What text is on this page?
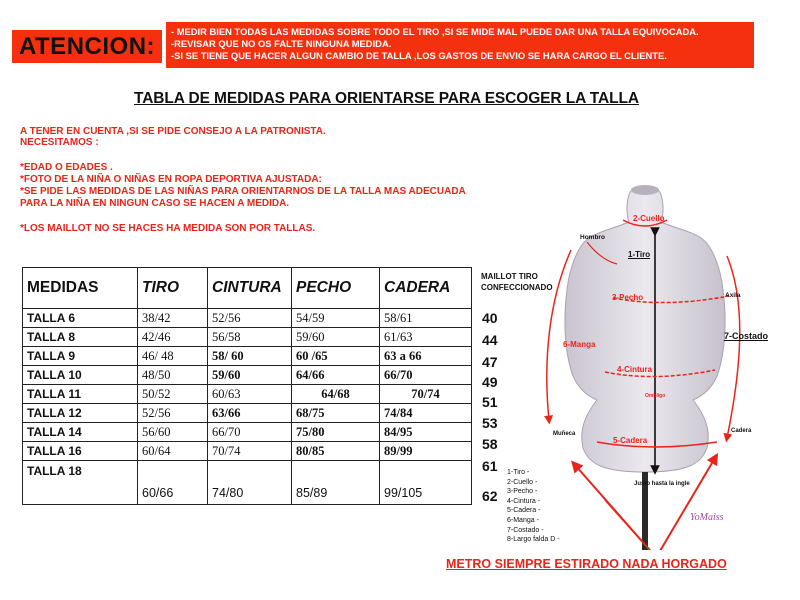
ATENCION:
- MEDIR BIEN TODAS LAS MEDIDAS SOBRE TODO EL TIRO ,SI SE MIDE MAL PUEDE DAR UNA TALLA EQUIVOCADA.
-REVISAR QUE NO OS FALTE NINGUNA MEDIDA.
-SI SE TIENE QUE HACER ALGUN CAMBIO DE TALLA ,LOS GASTOS DE ENVIO SE HARA CARGO EL CLIENTE.
TABLA DE MEDIDAS PARA ORIENTARSE PARA ESCOGER LA TALLA
A TENER EN CUENTA ,SI SE PIDE CONSEJO A LA PATRONISTA.
NECESITAMOS :
*EDAD O EDADES .
*FOTO DE LA NIÑA O NIÑAS EN ROPA DEPORTIVA AJUSTADA:
*SE PIDE LAS MEDIDAS DE LAS NIÑAS PARA ORIENTARNOS DE LA TALLA MAS ADECUADA
PARA LA NIÑA EN NINGUN CASO SE HACEN A MEDIDA.
*LOS MAILLOT NO SE HACES HA MEDIDA SON POR TALLAS.
MEDIDAS	TIRO	CINTURA	PECHO	CADERA
TALLA 6	38/42	52/56	54/59	58/61
TALLA 8	42/46	56/58	59/60	61/63
TALLA 9	46/ 48	58/ 60	60 /65	63 a 66
TALLA 10	48/50	59/60	64/66	66/70
TALLA 11	50/52	60/63	64/68	70/74
TALLA 12	52/56	63/66	68/75	74/84
TALLA 14	56/60	66/70	75/80	84/95
TALLA 16	60/64	70/74	80/85	89/99
TALLA 18	60/66	74/80	85/89	99/105
MAILLOT TIRO
CONFECCIONADO
40
44
47
49
51
53
58
61
62
2-Cuello
Hombro
1-Tiro
3-Pecho	Axila
6-Manga
7-Costado
4-Cintura
Ombligo
5-Cadera
Cadera
Muñeca
Justo hasta la ingle
1-Tiro -
2-Cuello -
3-Pecho -
4-Cintura -
5-Cadera -
6-Manga -
7-Costado -
8-Largo falda D -
YoMaiss
METRO SIEMPRE ESTIRADO NADA HORGADO
